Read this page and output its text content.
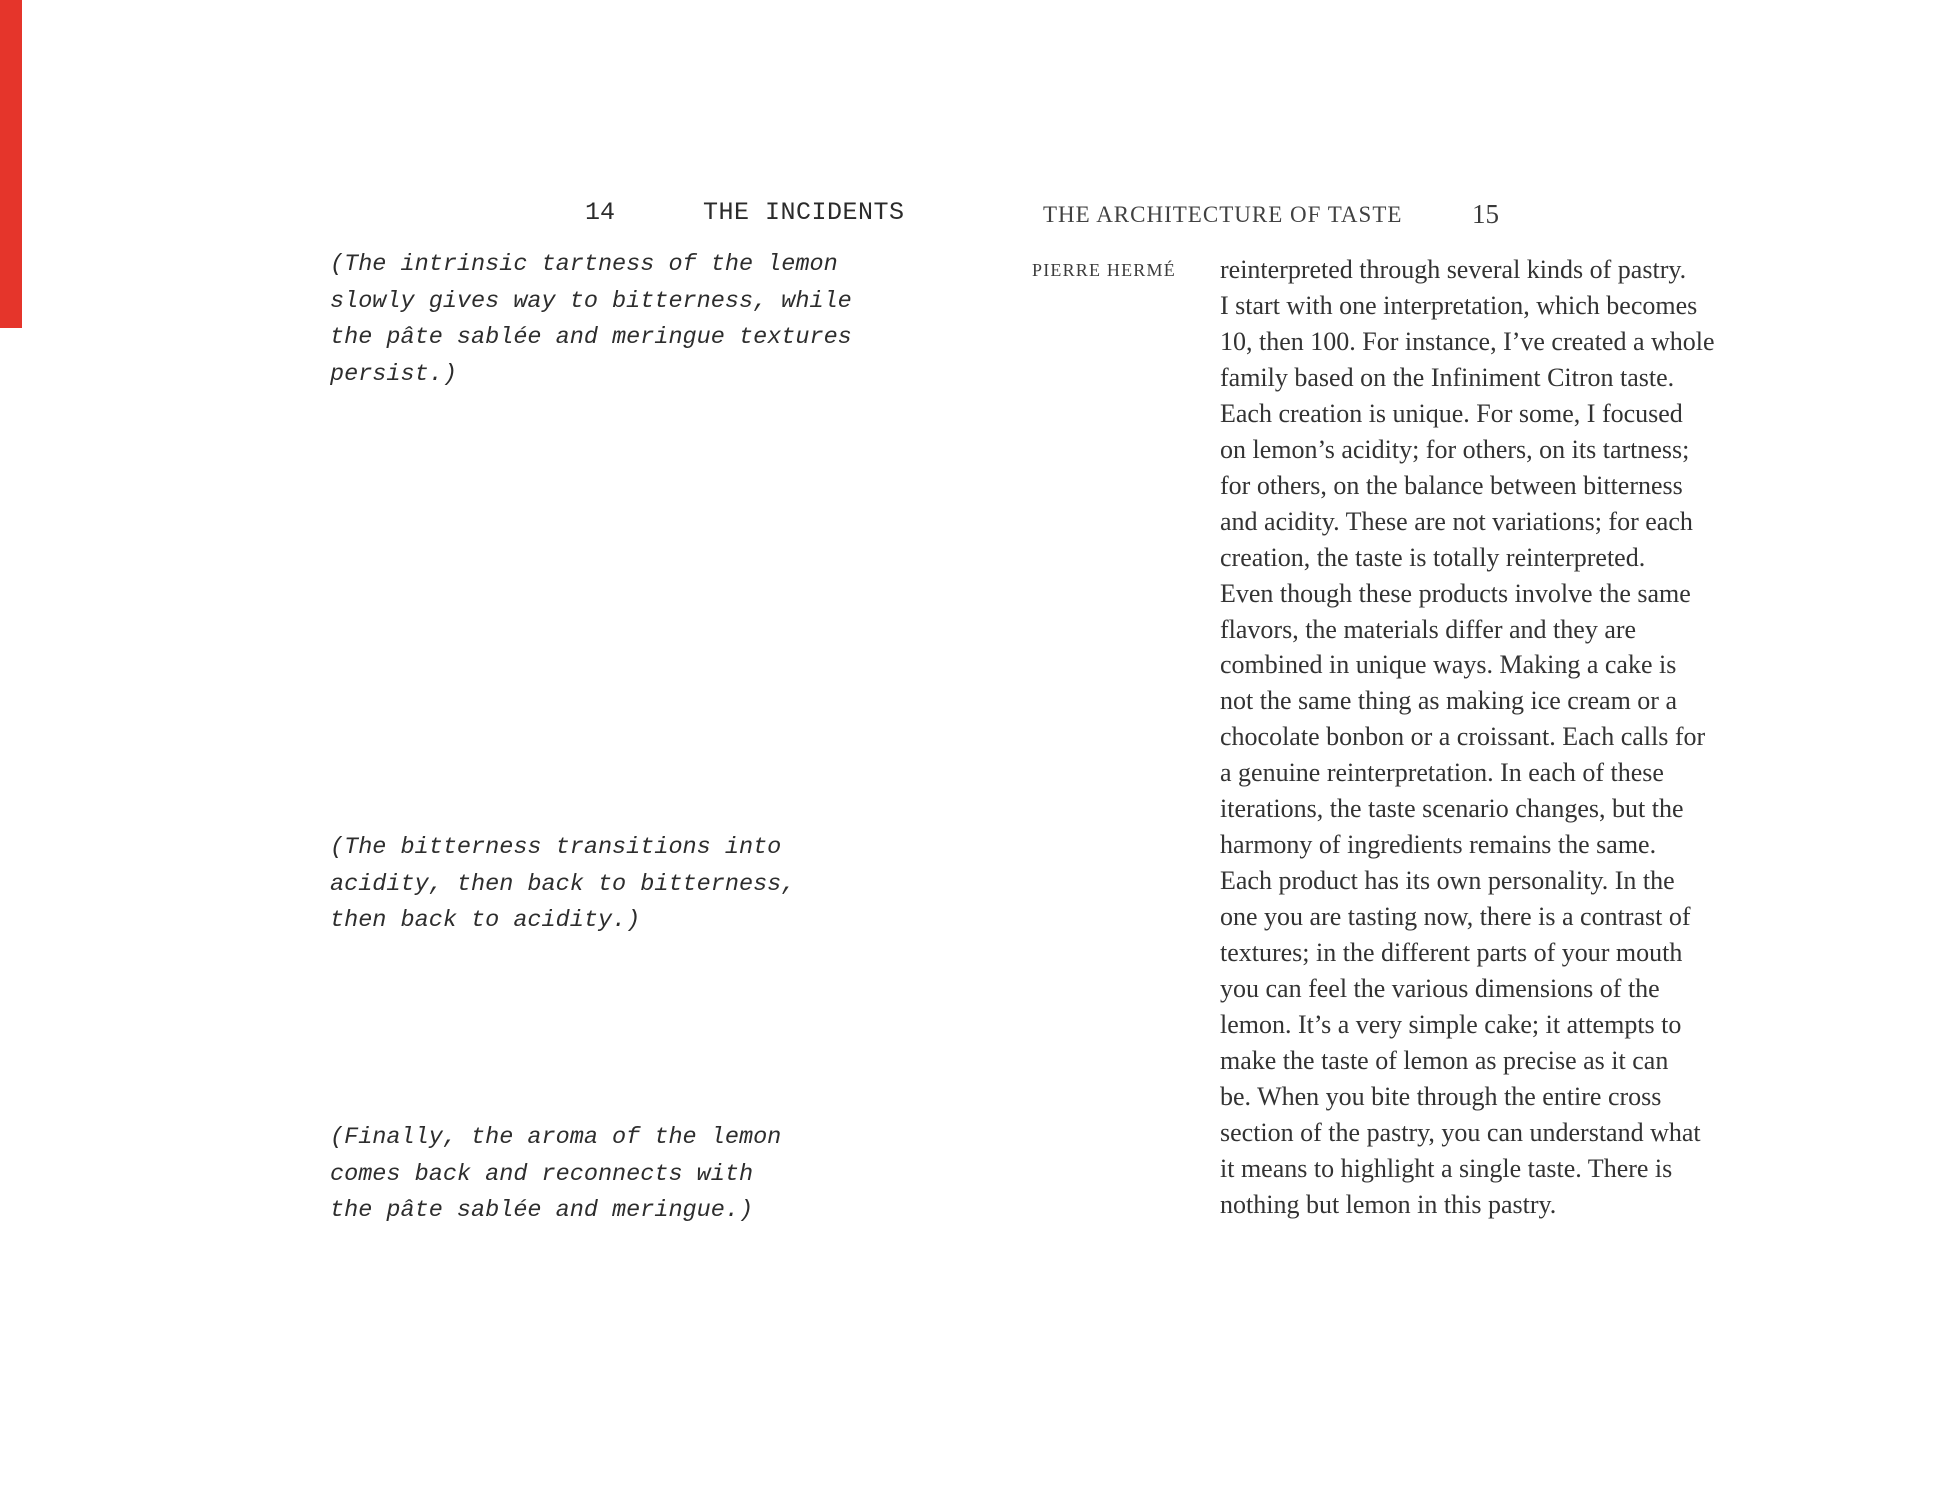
14

	THE INCIDENTS

(The intrinsic tartness of the lemon
slowly gives way to bitterness, while
the pâte sablée and meringue textures
persist.)
(The bitterness transitions into
acidity, then back to bitterness,
then back to acidity.)
(Finally, the aroma of the lemon
comes back and reconnects with
the pâte sablée and meringue.)
THE ARCHITECTURE OF TASTE	15
PIERRE HERMÉ	reinterpreted through several kinds of pastry.
I start with one interpretation, which becomes
10, then 100. For instance, I’ve created a whole
family based on the Infiniment Citron taste.
Each creation is unique. For some, I focused
on lemon’s acidity; for others, on its tartness;
for others, on the balance between bitterness
and acidity. These are not variations; for each
creation, the taste is totally reinterpreted.
Even though these products involve the same
flavors, the materials differ and they are
combined in unique ways. Making a cake is
not the same thing as making ice cream or a
chocolate bonbon or a croissant. Each calls for
a genuine reinterpretation. In each of these
iterations, the taste scenario changes, but the
harmony of ingredients remains the same.
Each product has its own personality. In the
one you are tasting now, there is a contrast of
textures; in the different parts of your mouth
you can feel the various dimensions of the
lemon. It’s a very simple cake; it attempts to
make the taste of lemon as precise as it can
be. When you bite through the entire cross
section of the pastry, you can understand what
it means to highlight a single taste. There is
nothing but lemon in this pastry.
